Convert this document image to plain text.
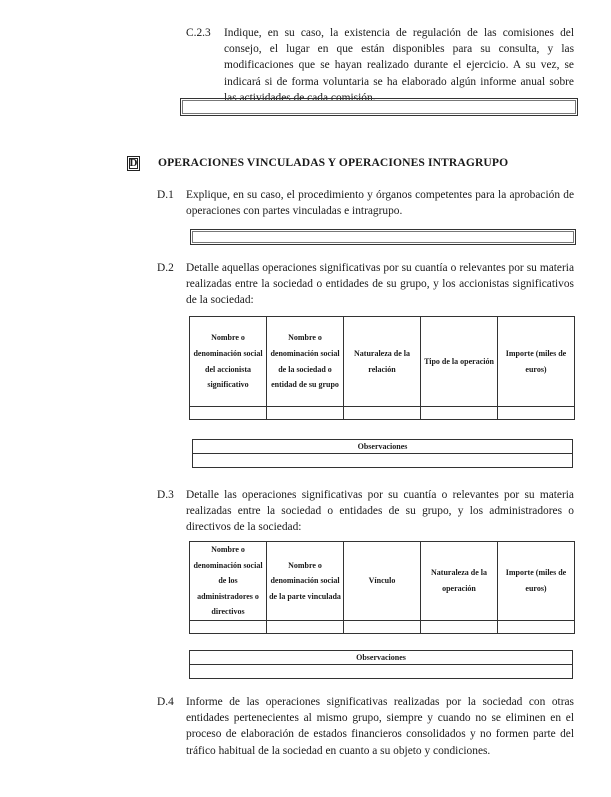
C.2.3 Indique, en su caso, la existencia de regulación de las comisiones del consejo, el lugar en que están disponibles para su consulta, y las modificaciones que se hayan realizado durante el ejercicio. A su vez, se indicará si de forma voluntaria se ha elaborado algún informe anual sobre las actividades de cada comisión.
D OPERACIONES VINCULADAS Y OPERACIONES INTRAGRUPO
D.1 Explique, en su caso, el procedimiento y órganos competentes para la aprobación de operaciones con partes vinculadas e intragrupo.
D.2 Detalle aquellas operaciones significativas por su cuantía o relevantes por su materia realizadas entre la sociedad o entidades de su grupo, y los accionistas significativos de la sociedad:
Nombre o denominación social del accionista significativo	Nombre o denominación social de la sociedad o entidad de su grupo	Naturaleza de la relación	Tipo de la operación	Importe (miles de euros)

Observaciones

D.3 Detalle las operaciones significativas por su cuantía o relevantes por su materia realizadas entre la sociedad o entidades de su grupo, y los administradores o directivos de la sociedad:
Nombre o denominación social de los administradores o directivos	Nombre o denominación social de la parte vinculada	Vínculo	Naturaleza de la operación	Importe (miles de euros)

Observaciones

D.4 Informe de las operaciones significativas realizadas por la sociedad con otras entidades pertenecientes al mismo grupo, siempre y cuando no se eliminen en el proceso de elaboración de estados financieros consolidados y no formen parte del tráfico habitual de la sociedad en cuanto a su objeto y condiciones.
